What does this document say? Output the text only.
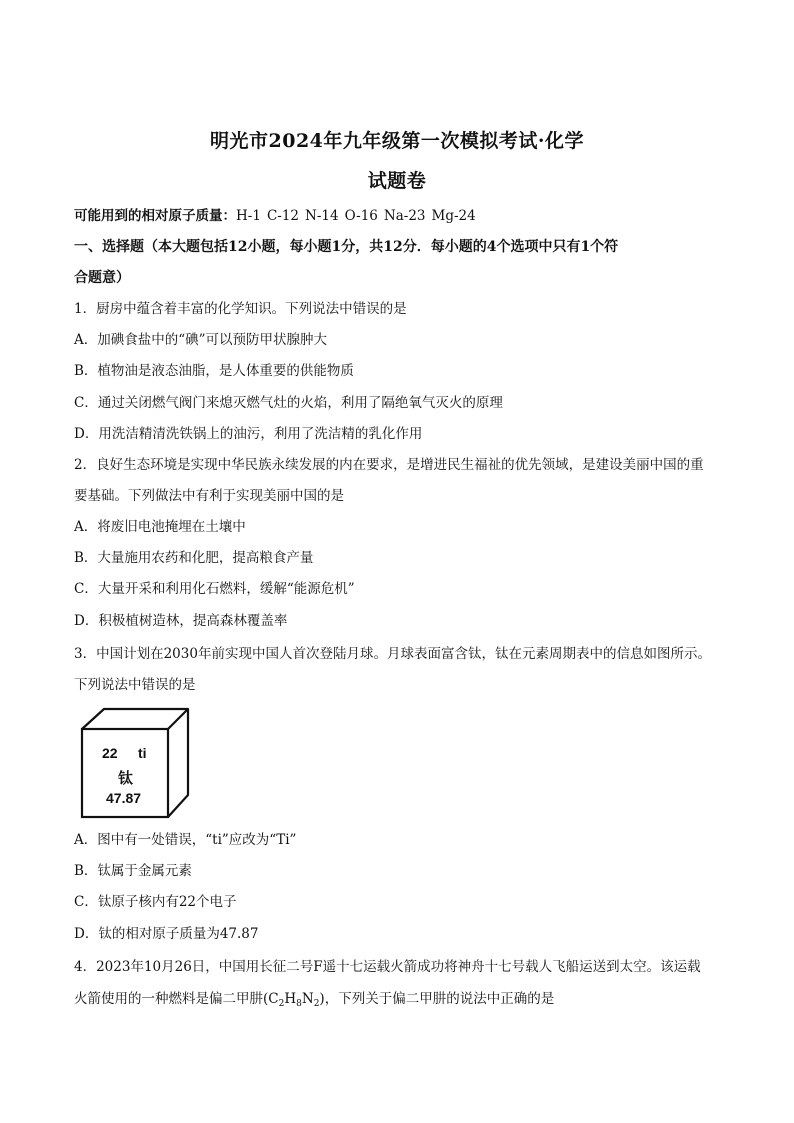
明光市2024年九年级第一次模拟考试·化学
试题卷
可能用到的相对原子质量：H-1 C-12 N-14 O-16 Na-23 Mg-24
一、选择题（本大题包括12小题，每小题1分，共12分．每小题的4个选项中只有1个符
合题意）
1．厨房中蕴含着丰富的化学知识。下列说法中错误的是
A．加碘食盐中的“碘”可以预防甲状腺肿大
B．植物油是液态油脂，是人体重要的供能物质
C．通过关闭燃气阀门来熄灭燃气灶的火焰，利用了隔绝氧气灭火的原理
D．用洗洁精清洗铁锅上的油污，利用了洗洁精的乳化作用
2．良好生态环境是实现中华民族永续发展的内在要求，是增进民生福祉的优先领域，是建设美丽中国的重
要基础。下列做法中有利于实现美丽中国的是
A．将废旧电池掩埋在土壤中
B．大量施用农药和化肥，提高粮食产量
C．大量开采和利用化石燃料，缓解“能源危机”
D．积极植树造林，提高森林覆盖率
3．中国计划在2030年前实现中国人首次登陆月球。月球表面富含钛，钛在元素周期表中的信息如图所示。
下列说法中错误的是
22 ti
钛
47.87
A．图中有一处错误，“ti”应改为“Ti”
B．钛属于金属元素
C．钛原子核内有22个电子
D．钛的相对原子质量为47.87
4．2023年10月26日，中国用长征二号F遥十七运载火箭成功将神舟十七号载人飞船运送到太空。该运载
火箭使用的一种燃料是偏二甲肼$(C_2H_8N_2)$，下列关于偏二甲肼的说法中正确的是
